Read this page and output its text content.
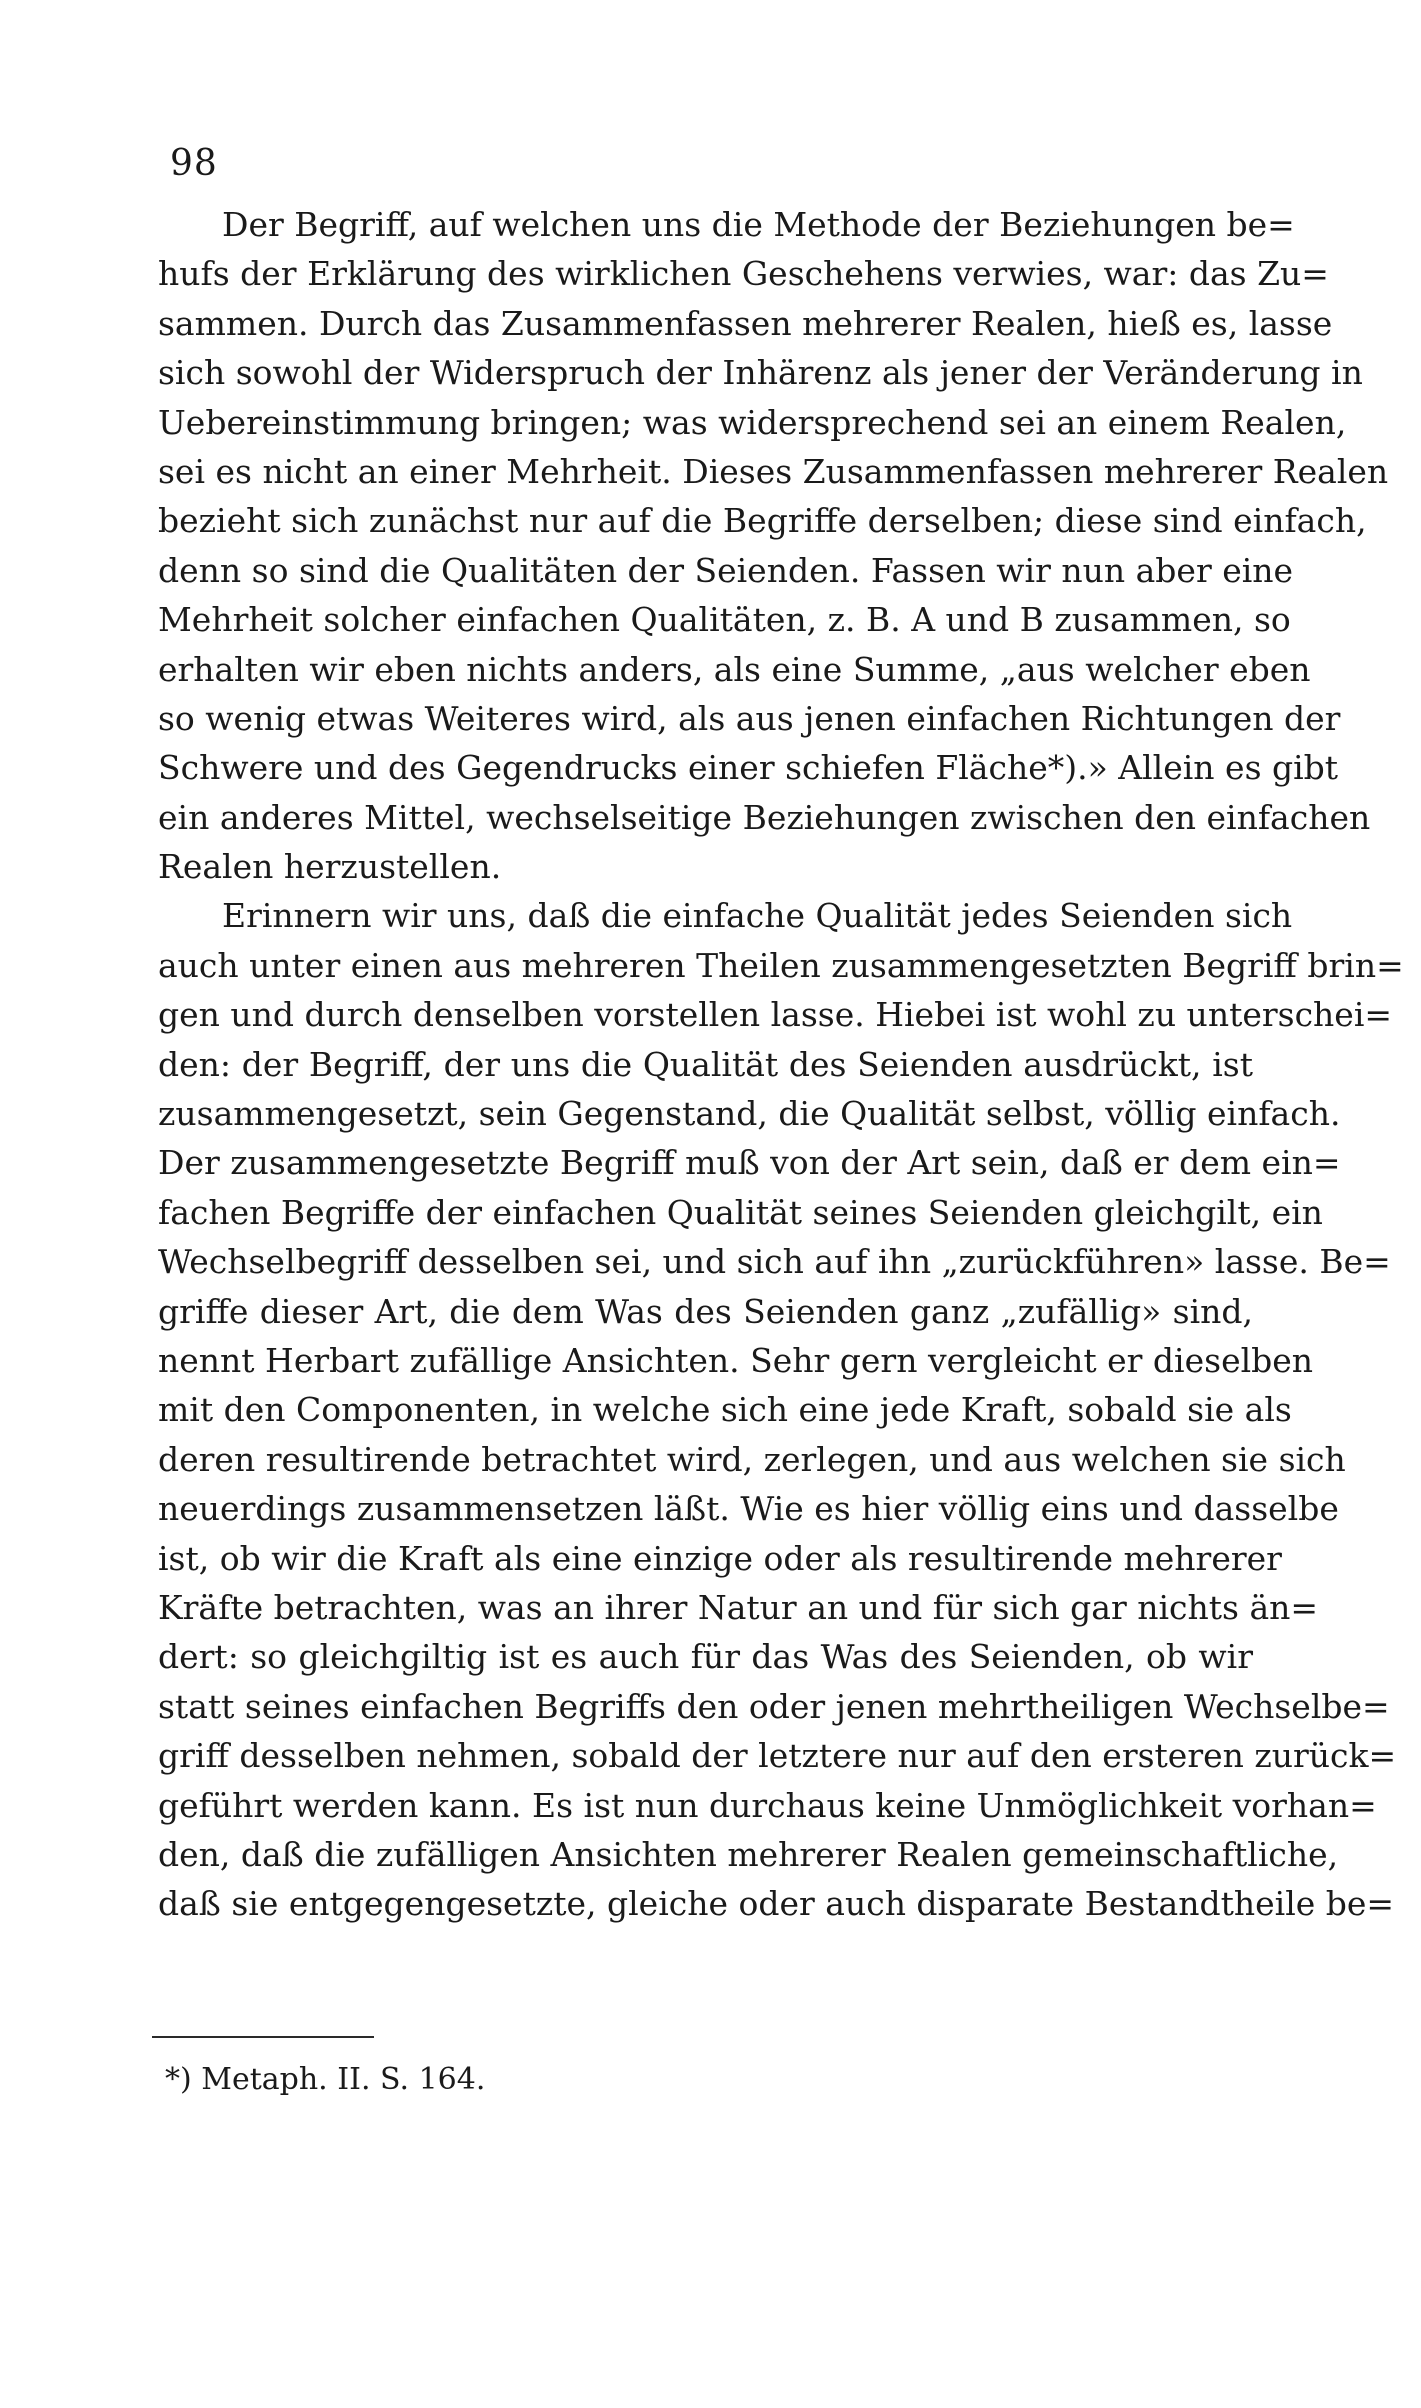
98
Der Begriff, auf welchen uns die Methode der Beziehungen be=
hufs der Erklärung des wirklichen Geschehens verwies, war: das Zu=
sammen. Durch das Zusammenfassen mehrerer Realen, hieß es, lasse
sich sowohl der Widerspruch der Inhärenz als jener der Veränderung in
Uebereinstimmung bringen; was widersprechend sei an einem Realen,
sei es nicht an einer Mehrheit. Dieses Zusammenfassen mehrerer Realen
bezieht sich zunächst nur auf die Begriffe derselben; diese sind einfach,
denn so sind die Qualitäten der Seienden. Fassen wir nun aber eine
Mehrheit solcher einfachen Qualitäten, z. B. A und B zusammen, so
erhalten wir eben nichts anders, als eine Summe, „aus welcher eben
so wenig etwas Weiteres wird, als aus jenen einfachen Richtungen der
Schwere und des Gegendrucks einer schiefen Fläche*).» Allein es gibt
ein anderes Mittel, wechselseitige Beziehungen zwischen den einfachen
Realen herzustellen.
Erinnern wir uns, daß die einfache Qualität jedes Seienden sich
auch unter einen aus mehreren Theilen zusammengesetzten Begriff brin=
gen und durch denselben vorstellen lasse. Hiebei ist wohl zu unterschei=
den: der Begriff, der uns die Qualität des Seienden ausdrückt, ist
zusammengesetzt, sein Gegenstand, die Qualität selbst, völlig einfach.
Der zusammengesetzte Begriff muß von der Art sein, daß er dem ein=
fachen Begriffe der einfachen Qualität seines Seienden gleichgilt, ein
Wechselbegriff desselben sei, und sich auf ihn „zurückführen» lasse. Be=
griffe dieser Art, die dem Was des Seienden ganz „zufällig» sind,
nennt Herbart zufällige Ansichten. Sehr gern vergleicht er dieselben
mit den Componenten, in welche sich eine jede Kraft, sobald sie als
deren resultirende betrachtet wird, zerlegen, und aus welchen sie sich
neuerdings zusammensetzen läßt. Wie es hier völlig eins und dasselbe
ist, ob wir die Kraft als eine einzige oder als resultirende mehrerer
Kräfte betrachten, was an ihrer Natur an und für sich gar nichts än=
dert: so gleichgiltig ist es auch für das Was des Seienden, ob wir
statt seines einfachen Begriffs den oder jenen mehrtheiligen Wechselbe=
griff desselben nehmen, sobald der letztere nur auf den ersteren zurück=
geführt werden kann. Es ist nun durchaus keine Unmöglichkeit vorhan=
den, daß die zufälligen Ansichten mehrerer Realen gemeinschaftliche,
daß sie entgegengesetzte, gleiche oder auch disparate Bestandtheile be=
*) Metaph. II. S. 164.
